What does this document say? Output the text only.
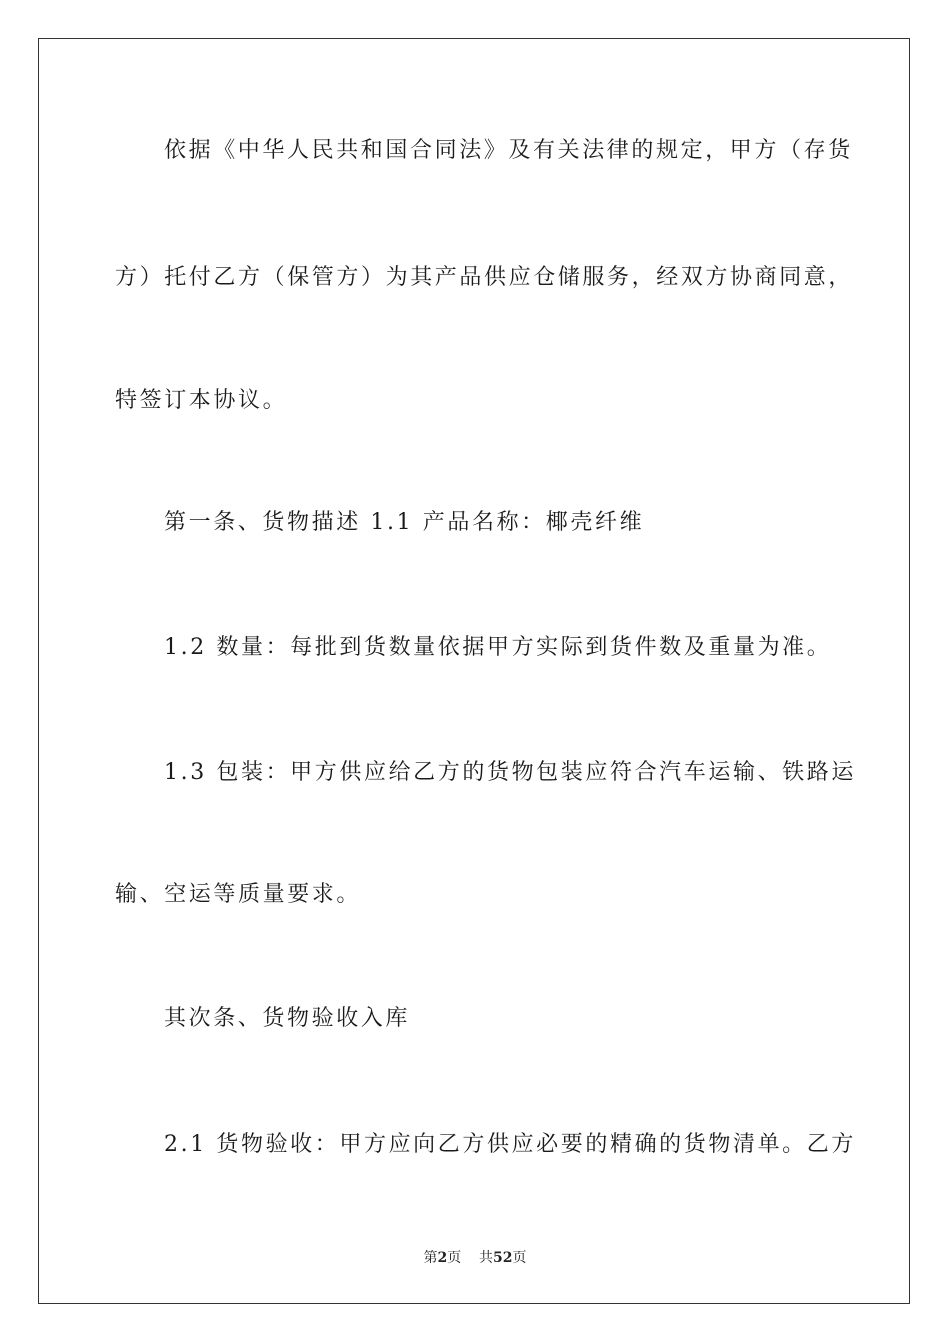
依据《中华人民共和国合同法》及有关法律的规定，甲方（存货
方）托付乙方（保管方）为其产品供应仓储服务，经双方协商同意，
特签订本协议。
第一条、货物描述 1.1 产品名称：椰壳纤维
1.2 数量：每批到货数量依据甲方实际到货件数及重量为准。
1.3 包装：甲方供应给乙方的货物包装应符合汽车运输、铁路运
输、空运等质量要求。
其次条、货物验收入库
2.1 货物验收：甲方应向乙方供应必要的精确的货物清单。乙方
第2页 共52页
